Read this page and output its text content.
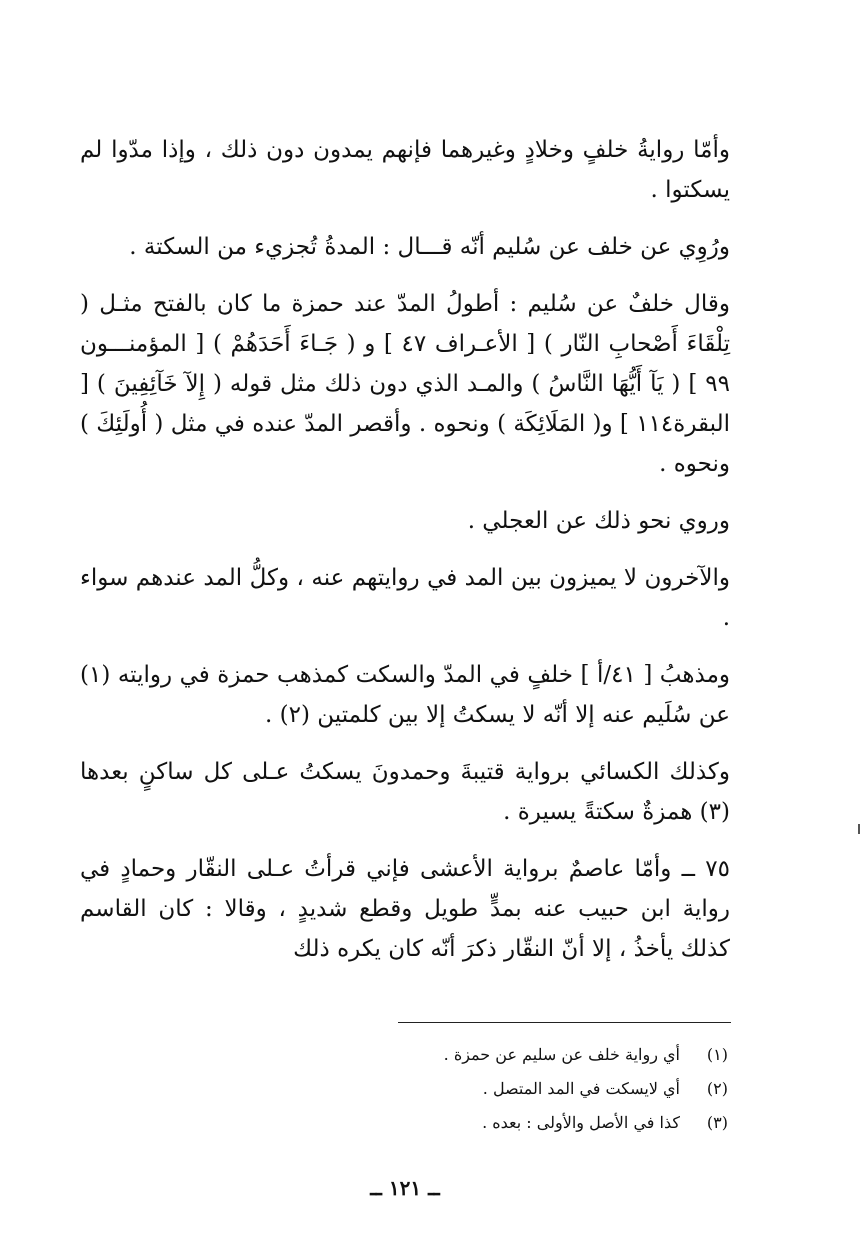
وأمّا روايةُ خلفٍ وخلادٍ وغيرهما فإنهم يمدون دون ذلك ، وإذا مدّوا لم يسكتوا .

ورُوِي عن خلف عن سُليم أنّه قـــال : المدةُ تُجزيء من السكتة .

وقال خلفٌ عن سُليم : أطولُ المدّ عند حمزة ما كان بالفتح مثـل ( تِلْقَاءَ أَصْحابِ النّار ) [ الأعـراف ٤٧ ] و ( جَـاءَ أَحَدَهُمْ ) [ المؤمنـــون ٩٩ ] ( يَآ أَيُّهَا النَّاسُ ) والمـد الذي دون ذلك مثل قوله ( إِلآ خَآئِفِينَ ) [ البقرة١١٤ ] و( المَلَائِكَة ) ونحوه . وأقصر المدّ عنده في مثل ( أُولَئِكَ ) ونحوه .

وروي نحو ذلك عن العجلي .

والآخرون لا يميزون بين المد في روايتهم عنه ، وكلُّ المد عندهم سواء .

ومذهبُ [ ٤١/أ ] خلفٍ في المدّ والسكت كمذهب حمزة في روايته (١) عن سُلَيم عنه إلا أنّه لا يسكتُ إلا بين كلمتين (٢) .

وكذلك الكسائي برواية قتيبةَ وحمدونَ يسكتُ عـلى كل ساكنٍ بعدها (٣) همزةٌ سكتةً يسيرة .

٧٥ ــ وأمّا عاصمٌ برواية الأعشى فإني قرأتُ عـلى النقّار وحمادٍ في رواية ابن حبيب عنه بمدٍّ طويل وقطع شديدٍ ، وقالا : كان القاسم كذلك يأخذُ ، إلا أنّ النقّار ذكرَ أنّه كان يكره ذلك

(١)أي رواية خلف عن سليم عن حمزة .
(٢)أي لايسكت في المد المتصل .
(٣)كذا في الأصل والأولى : بعده .
ــ ١٢١ ــ
